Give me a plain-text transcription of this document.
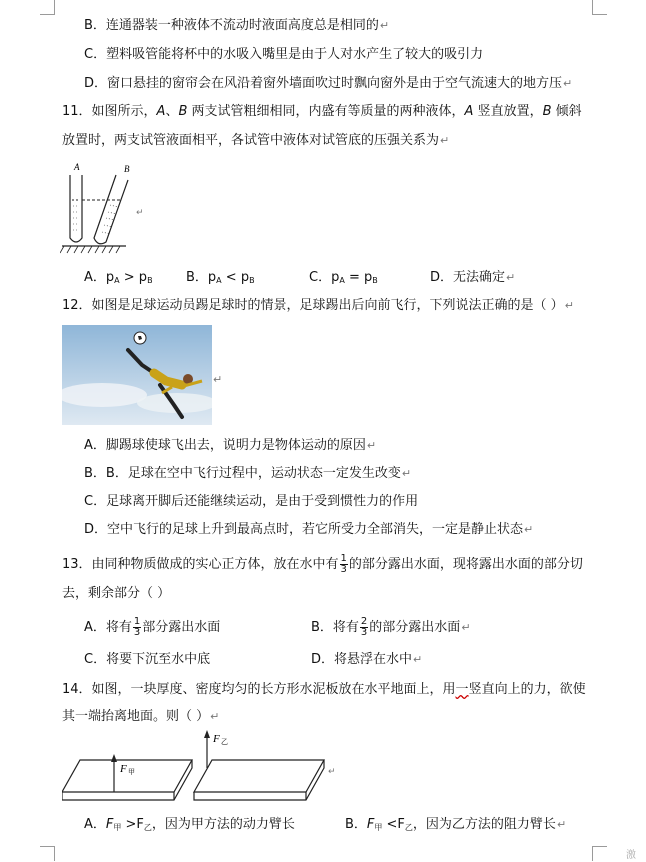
激
B．连通器装一种液体不流动时液面高度总是相同的↵
C．塑料吸管能将杯中的水吸入嘴里是由于人对水产生了较大的吸引力
D．窗口悬挂的窗帘会在风沿着窗外墙面吹过时飘向窗外是由于空气流速大的地方压↵
11．如图所示，A、B 两支试管粗细相同，内盛有等质量的两种液体，A 竖直放置，B 倾斜
放置时，两支试管液面相平，各试管中液体对试管底的压强关系为↵
A	B
↵
A．$p_A > p_B$	B．$p_A < p_B$	C．$p_A = p_B$	D．无法确定↵
12．如图是足球运动员踢足球时的情景，足球踢出后向前飞行，下列说法正确的是（ ）↵
↵
A．脚踢球使球飞出去，说明力是物体运动的原因↵
B．B．足球在空中飞行过程中，运动状态一定发生改变↵
C．足球离开脚后还能继续运动，是由于受到惯性力的作用
D．空中飞行的足球上升到最高点时，若它所受力全部消失，一定是静止状态↵
13．由同种物质做成的实心正方体，放在水中有 $\frac{1}{3}$ 的部分露出水面，现将露出水面的部分切
去，剩余部分（ ）
A．将有 $\frac{1}{3}$ 部分露出水面	B．将有 $\frac{2}{3}$ 的部分露出水面↵
C．将要下沉至水中底	D．将悬浮在水中↵
14．如图，一块厚度、密度均匀的长方形水泥板放在水平地面上，用一竖直向上的力，欲使
其一端抬离地面。则（ ）↵
F 甲
F 乙
↵
A．$F_甲 >F_乙$，因为甲方法的动力臂长	B．$F_甲 <F_乙$，因为乙方法的阻力臂长↵
